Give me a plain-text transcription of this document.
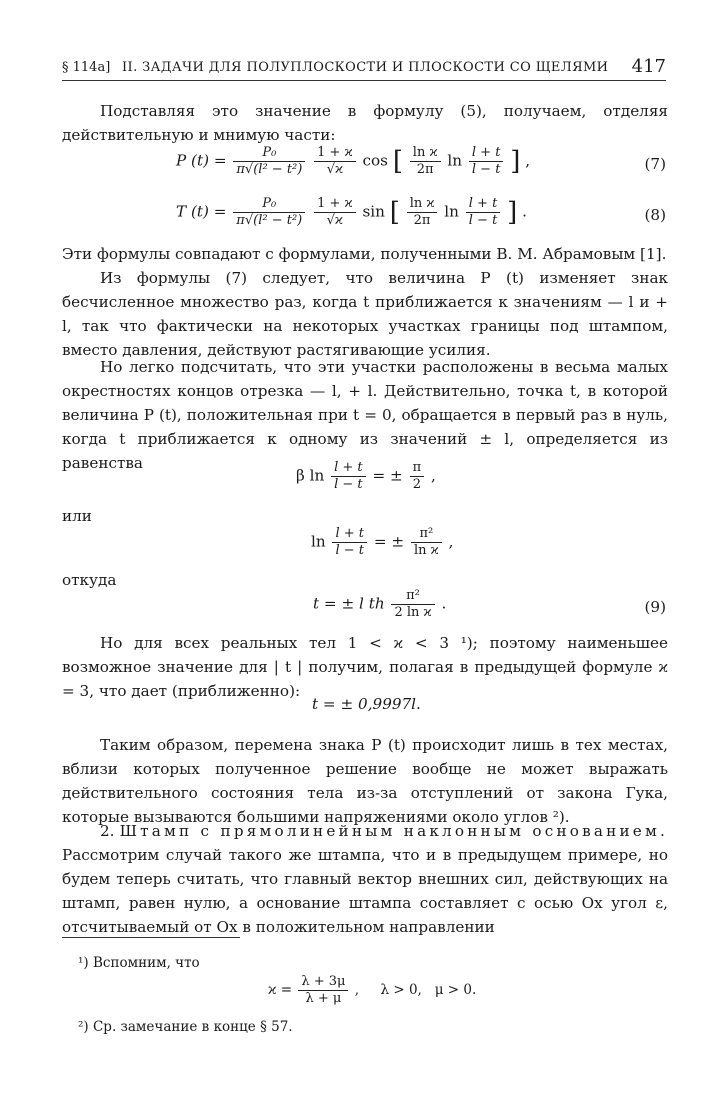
§ 114a] II. ЗАДАЧИ ДЛЯ ПОЛУПЛОСКОСТИ И ПЛОСКОСТИ СО ЩЕЛЯМИ 417
Подставляя это значение в формулу (5), получаем, отделяя действительную и мнимую части:
P $(t) = \frac{\text{P₀}}{\text{π√(l² − t²)}}$
$\frac{1 + ϰ}{√ϰ}$ cos [ $\frac{\text{ln ϰ}}{2\pi}$ $\ln \frac{l + t}{l - t}$ ] ,	(7)
T $(t) = \frac{\text{P₀}}{\text{π√(l² − t²)}}$
$\frac{1 + ϰ}{√ϰ}$ sin [ $\frac{\text{ln ϰ}}{2\pi}$ $\ln \frac{l + t}{l - t}$ ] .	(8)
Эти формулы совпадают с формулами, полученными В. М. Абрамовым [1].
Из формулы (7) следует, что величина P (t) изменяет знак бесчисленное множество раз, когда t приближается к значениям — l и + l, так что фактически на некоторых участках границы под штампом, вместо давления, действуют растягивающие усилия.
Но легко подсчитать, что эти участки расположены в весьма малых окрестностях концов отрезка — l, + l. Действительно, точка t, в которой величина P (t), положительная при t = 0, обращается в первый раз в нуль, когда t приближается к одному из значений ± l, определяется из равенства
β $\ln \frac{l + t}{l - t}$ = ± $\frac{\pi}{2}$ ,
или
$\ln \frac{l + t}{l - t}$ = ± $\frac{\text{π²}}{\text{ln ϰ}}$ ,
откуда
t = ± l th $\frac{\text{π²}}{\text{2 ln ϰ}}$ .	(9)
Но для всех реальных тел 1 < ϰ < 3 ¹); поэтому наименьшее возможное значение для | t | получим, полагая в предыдущей формуле ϰ = 3, что дает (приближенно):
t = ± 0,9997l.
Таким образом, перемена знака P (t) происходит лишь в тех местах, вблизи которых полученное решение вообще не может выражать действительного состояния тела из-за отступлений от закона Гука, которые вызываются большими напряжениями около углов ²).
2. Штамп с прямолинейным наклонным основанием. Рассмотрим случай такого же штампа, что и в предыдущем примере, но будем теперь считать, что главный вектор внешних сил, действующих на штамп, равен нулю, а основание штампа составляет с осью Ox угол ε, отсчитываемый от Ox в положительном направлении
¹) Вспомним, что
$ϰ = \frac{\lambda + 3\mu}{\lambda + \mu}$ ,     λ > 0,   μ > 0.
²) Ср. замечание в конце § 57.
